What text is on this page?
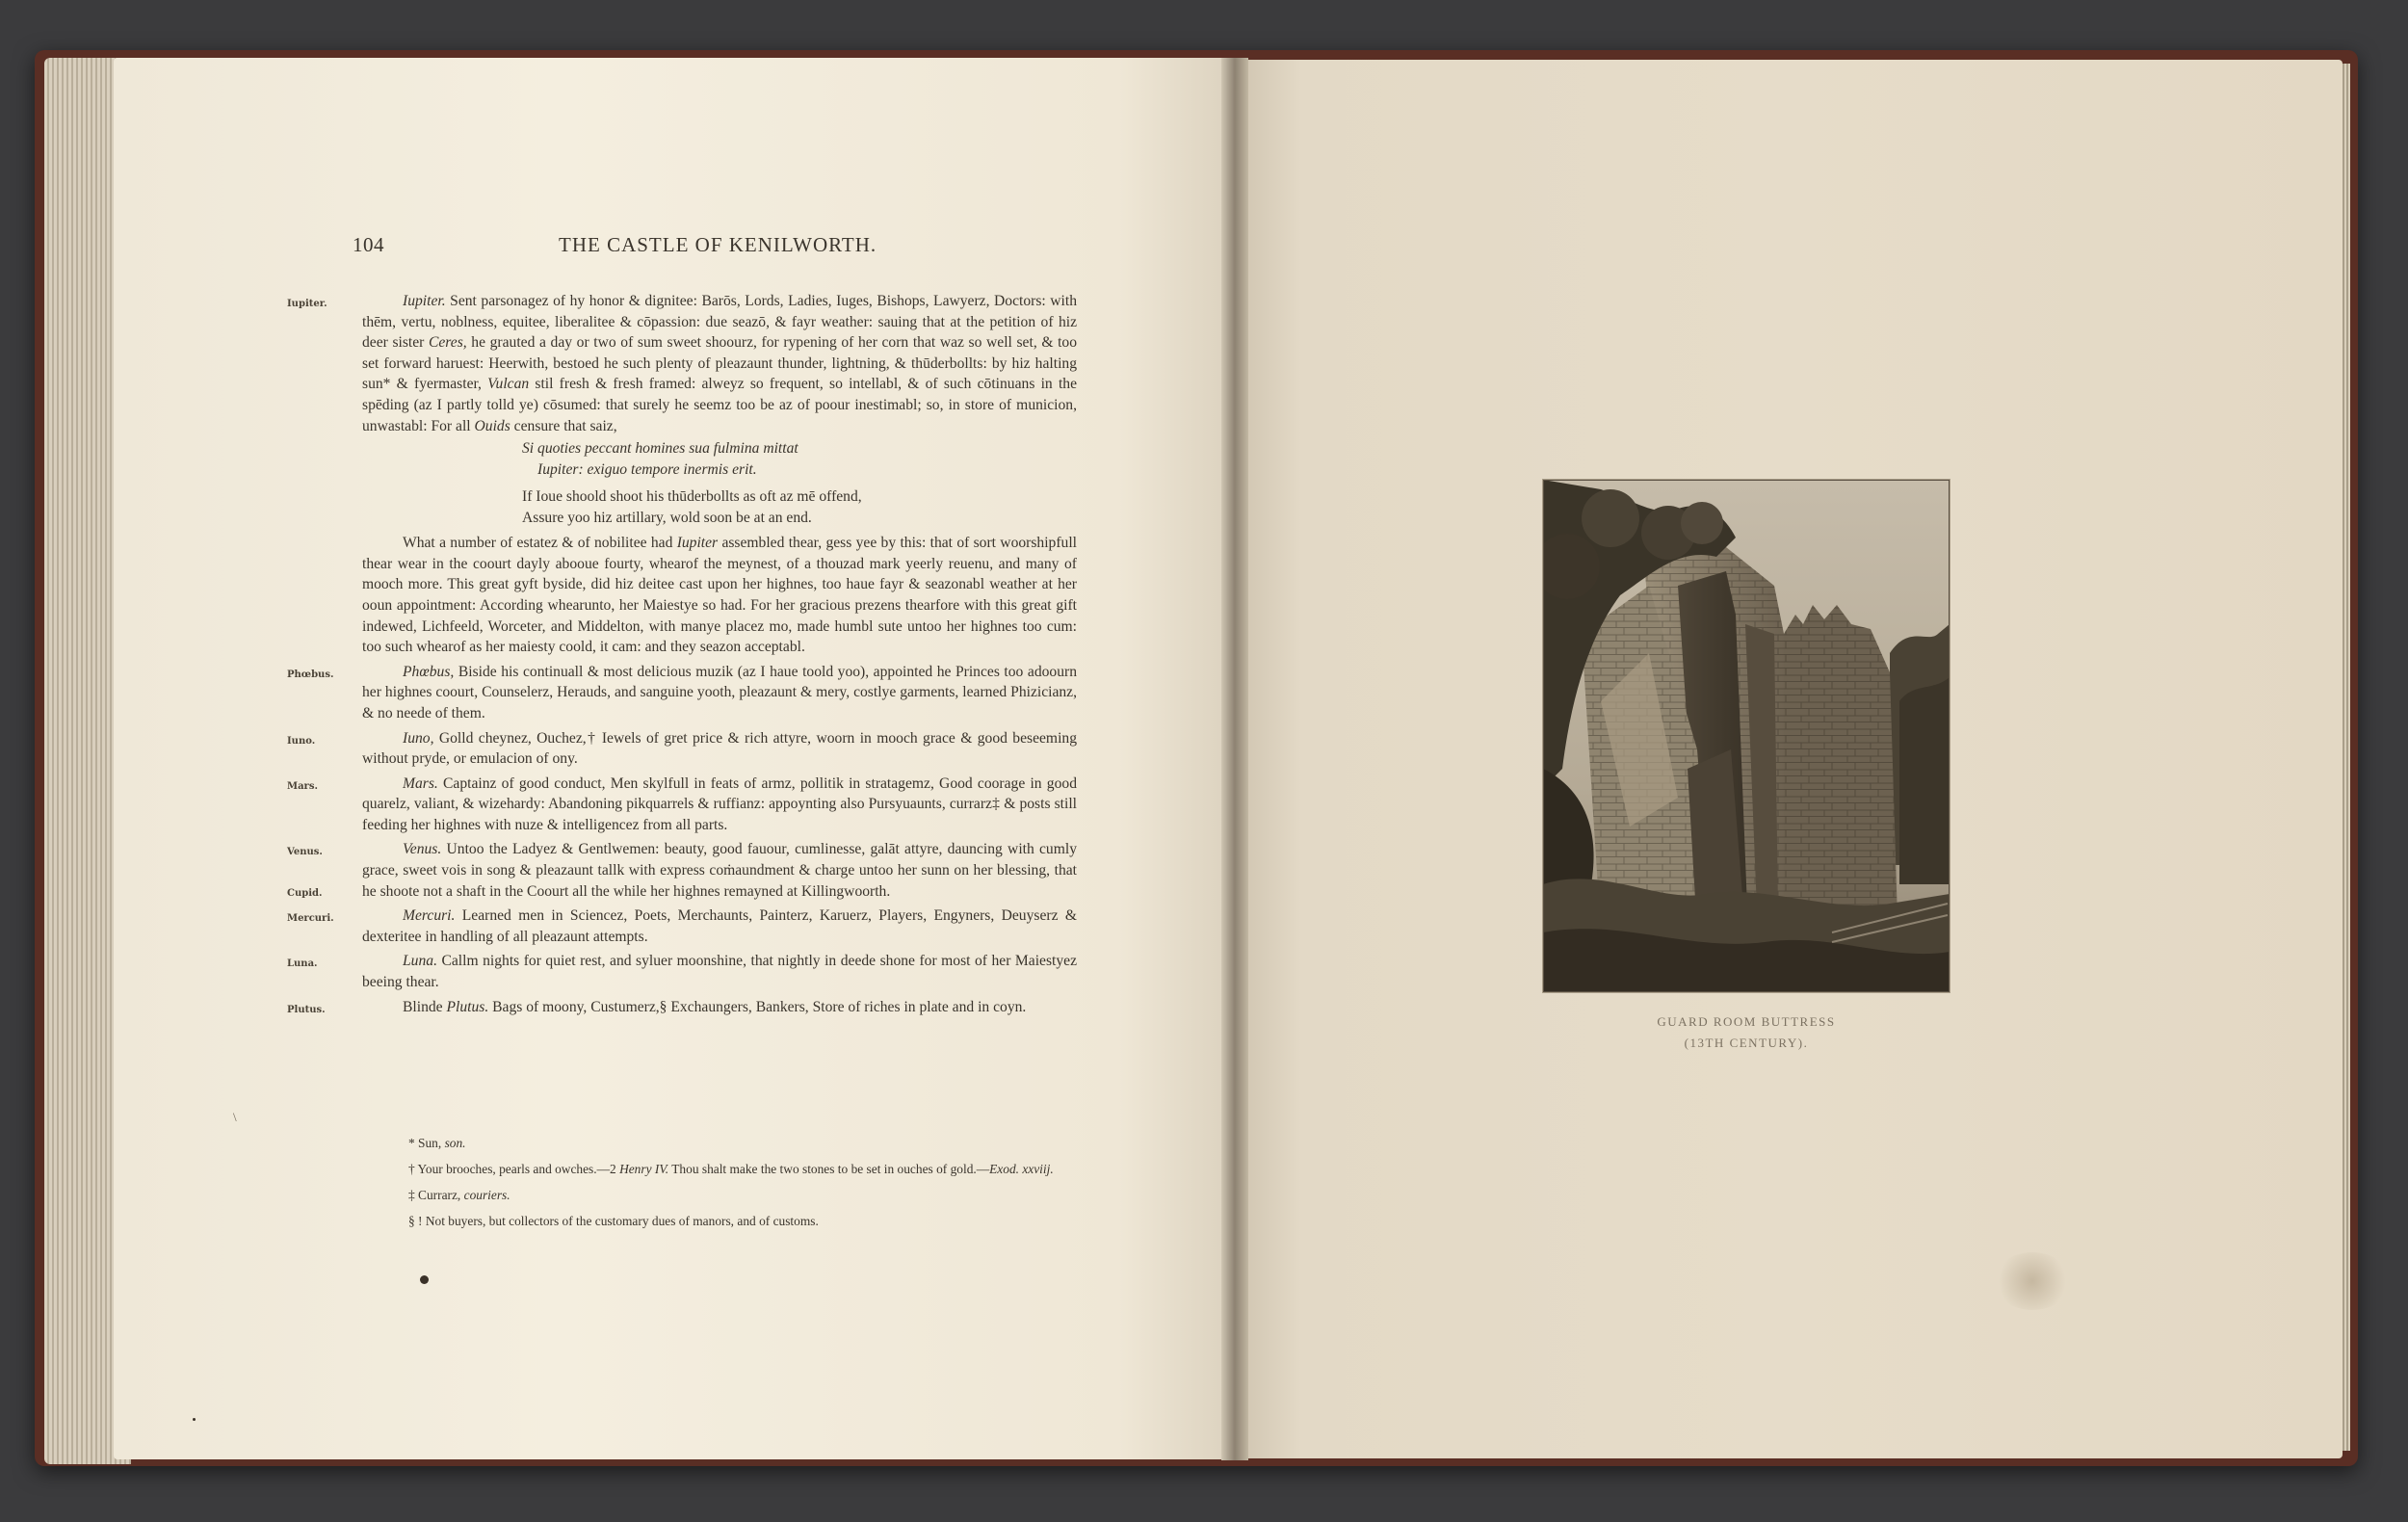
104	THE CASTLE OF KENILWORTH.
Iupiter.	Iupiter. Sent parsonagez of hy honor & dignitee: Barōs, Lords, Ladies, Iuges, Bishops, Lawyerz, Doctors: with thēm, vertu, noblness, equitee, liberalitee & cōpassion: due seazō, & fayr weather: sauing that at the petition of hiz deer sister Ceres, he grauted a day or two of sum sweet shoourz, for rypening of her corn that waz so well set, & too set forward haruest: Heerwith, bestoed he such plenty of pleazaunt thunder, lightning, & thūderbollts: by hiz halting sun* & fyermaster, Vulcan stil fresh & fresh framed: alweyz so frequent, so intellabl, & of such cōtinuans in the spēding (az I partly tolld ye) cōsumed: that surely he seemz too be az of poour inestimabl; so, in store of municion, unwastabl: For all Ouids censure that saiz,

Si quoties peccant homines sua fulmina mittat
Iupiter: exiguo tempore inermis erit.
If Ioue shoold shoot his thūderbollts as oft az mē offend,
Assure yoo hiz artillary, wold soon be at an end.

What a number of estatez & of nobilitee had Iupiter assembled thear, gess yee by this: that of sort woorshipfull thear wear in the coourt dayly abooue fourty, whearof the meynest, of a thouzad mark yeerly reuenu, and many of mooch more. This great gyft byside, did hiz deitee cast upon her highnes, too haue fayr & seazonabl weather at her ooun appointment: According whearunto, her Maiestye so had. For her gracious prezens thearfore with this great gift indewed, Lichfeeld, Worceter, and Middelton, with manye placez mo, made humbl sute untoo her highnes too cum: too such whearof as her maiesty coold, it cam: and they seazon acceptabl.

Phœbus.	Phœbus, Biside his continuall & most delicious muzik (az I haue toold yoo), appointed he Princes too adoourn her highnes coourt, Counselerz, Herauds, and sanguine yooth, pleazaunt & mery, costlye garments, learned Phizicianz, & no neede of them.

Iuno.	Iuno, Golld cheynez, Ouchez,† Iewels of gret price & rich attyre, woorn in mooch grace & good beseeming without pryde, or emulacion of ony.

Mars.	Mars. Captainz of good conduct, Men skylfull in feats of armz, pollitik in stratagemz, Good coorage in good quarelz, valiant, & wizehardy: Abandoning pikquarrels & ruffianz: appoynting also Pursyuaunts, currarz‡ & posts still feeding her highnes with nuze & intelligencez from all parts.

Venus.
Cupid.

Venus. Untoo the Ladyez & Gentlwemen: beauty, good fauour, cumlinesse, galāt attyre, dauncing with cumly grace, sweet vois in song & pleazaunt tallk with express coṁaundment & charge untoo her sunn on her blessing, that he shoote not a shaft in the Coourt all the while her highnes remayned at Killingwoorth.

Mercuri.	Mercuri. Learned men in Sciencez, Poets, Merchaunts, Painterz, Karuerz, Players, Engyners, Deuyserz & dexteritee in handling of all pleazaunt attempts.

Luna.	Luna. Callm nights for quiet rest, and syluer moonshine, that nightly in deede shone for most of her Maiestyez beeing thear.

Plutus.	Blinde Plutus. Bags of moony, Custumerz,§ Exchaungers, Bankers, Store of riches in plate and in coyn.

\

* Sun, son.

† Your brooches, pearls and owches.—2 Henry IV. Thou shalt make the two stones to be set in ouches of gold.—Exod. xxviij.

‡ Currarz, couriers.

§ ! Not buyers, but collectors of the customary dues of manors, and of customs.

GUARD ROOM BUTTRESS
(13TH CENTURY).
